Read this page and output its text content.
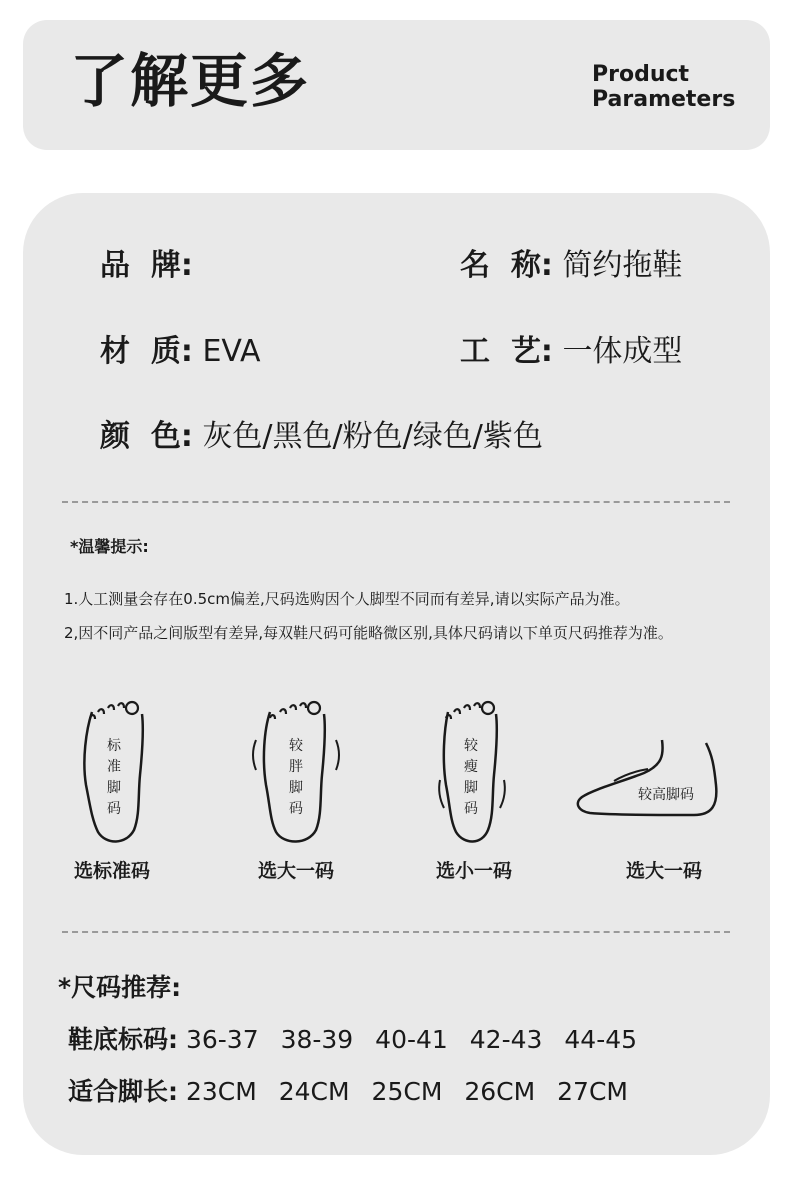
了解更多	Product
Parameters
品  牌:	名  称: 简约拖鞋
材  质: EVA	工  艺: 一体成型
颜  色: 灰色/黑色/粉色/绿色/紫色
*温馨提示:
1.人工测量会存在0.5cm偏差,尺码选购因个人脚型不同而有差异,请以实际产品为准。
2,因不同产品之间版型有差异,每双鞋尺码可能略微区别,具体尺码请以下单页尺码推荐为准。
标
准
脚
码
选标准码
较
胖
脚
码
选大一码
较
瘦
脚
码
选小一码
较高脚码
选大一码
*尺码推荐:
鞋底标码: 36-37 38-39 40-41 42-43 44-45
适合脚长: 23CM 24CM 25CM 26CM 27CM
